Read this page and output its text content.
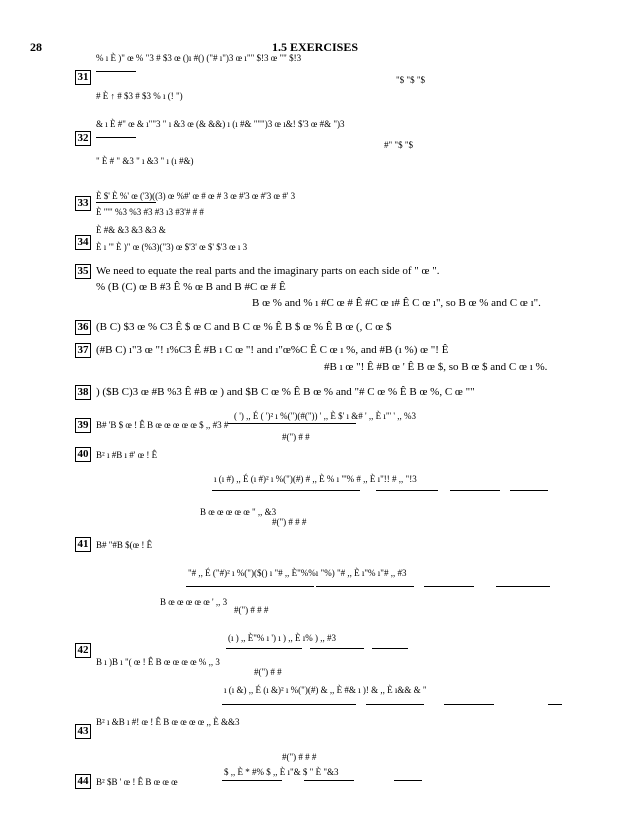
28	1.5 EXERCISES
% ı È )" œ % "3 # $3 œ ()ı #() ("# ı")3 œ ı"" $!3 œ "" $!3
31	"$ "$ "$
# È ↑ # $3 # $3 % ı (! ")
& ı È #" œ & ı""3 " ı &3 œ (& &&) ı (ı #& """)3 œ ı&! $'3 œ #& ")3
32
#" "$ "$
" È # " &3 " ı &3 " ı (ı #&)
È $' È %' œ ('3)((3) œ %#' œ # œ # 3 œ #'3 œ #'3 œ #' 3
33
È "'" %3 %3 #3 #3 ı3 #3'# # #
È #& &3 &3 &3 &
34 È ı "' È )" œ (%3)("3) œ $'3' œ $' $'3 œ ı 3
35 We need to equate the real parts and the imaginary parts on each side of " œ ".
% (B (C) œ B #3 Ê % œ B and B #C œ # Ê
B œ % and % ı #C œ # Ê #C œ ı# Ê C œ ı", so B œ % and C œ ı".
36 (B C) $3 œ % C3 Ê $ œ C and B C œ % Ê B $ œ % Ê B œ (, C œ $
37 (#B C) ı"3 œ "! ı%C3 Ê #B ı C œ "! and ı"œ%C Ê C œ ı %, and #B (ı %) œ "! Ê
#B ı œ "! Ê #B œ ' Ê B œ $, so B œ $ and C œ ı %.
38 ) ($B C)3 œ #B %3 Ê #B œ ) and $B C œ % Ê B œ % and "# C œ % Ê B œ %, C œ ""
( ') ,, É ( ')² ı %(")(#(")) ' ,, È $' ı &# ' ,, È ı"' ' ,, %3
39 B# 'B $ œ ! Ê B œ œ œ œ œ $ ,, #3 #
#(") # #
40 B² ı #B ı #' œ ! Ê
ı (ı #) ,, É (ı #)² ı %(")(#) # ,, È % ı "'% # ,, È ı"!! # ,, "!3
B œ œ œ œ œ " ,, &3
#(") # # #
41 B# "#B $(œ ! Ê
"# ,, É ("#)² ı %(")($() ı "# ,, È"%%ı "%) "# ,, È ı"% ı"# ,, #3
B œ œ œ œ œ ' ,, 3
#(") # # #
(ı ) ,, È"% ı ') ı ) ,, È ı% ) ,, #3
42
B ı )B ı "( œ ! Ê B œ œ œ œ % ,, 3
#(") # #
ı (ı &) ,, É (ı &)² ı %(")(#) & ,, È #& ı )! & ,, È ı&& & "
B² ı &B ı #! œ ! Ê B œ œ œ œ ,, È &&3
43
#(") # # #
$ ,, È * #% $ ,, È ı"& $ " È "&3
44 B² $B ' œ ! Ê B œ œ œ
